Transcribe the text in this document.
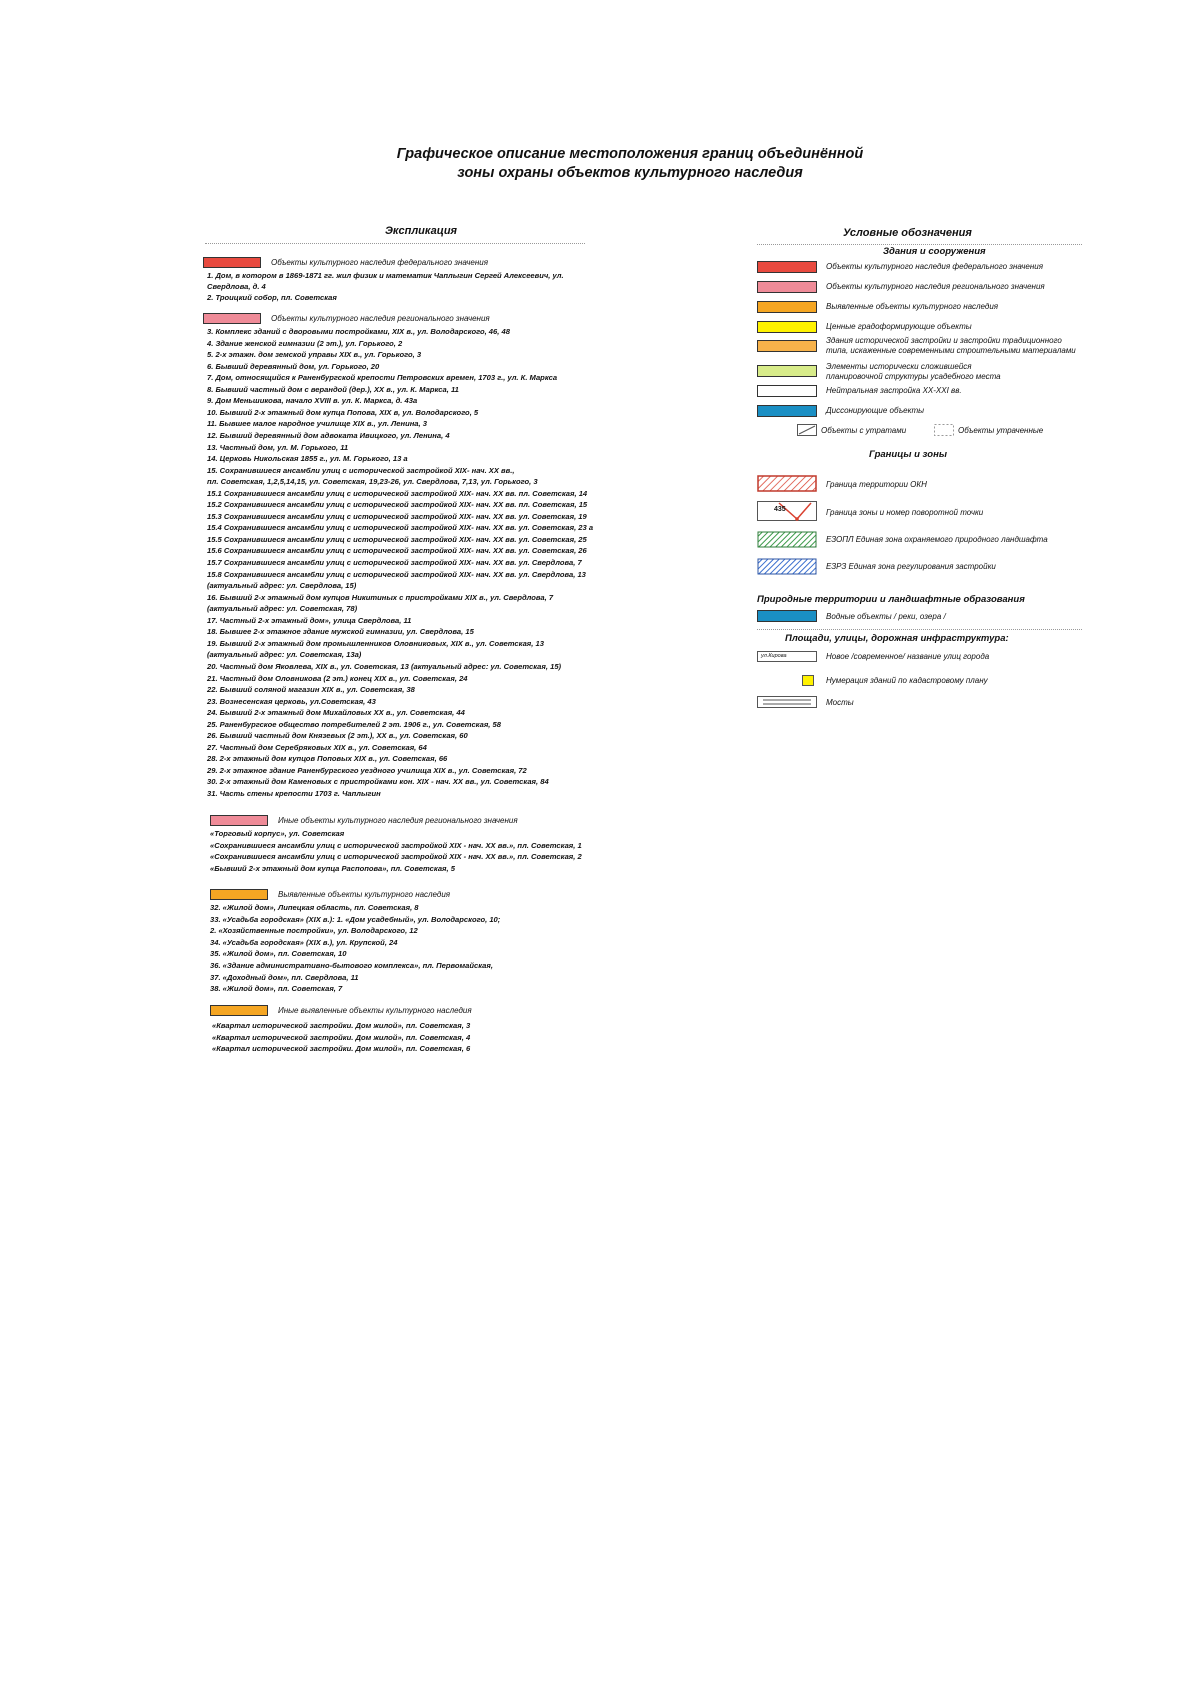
Графическое описание местоположения границ объединённой
зоны охраны объектов культурного наследия
Экспликация
Объекты культурного наследия федерального значения
1. Дом, в котором в 1869-1871 гг. жил физик и математик Чаплыгин Сергей Алексеевич, ул.
Свердлова, д. 4
2. Троицкий собор, пл. Советская
Объекты культурного наследия регионального значения
3. Комплекс зданий с дворовыми постройками, XIX в., ул. Володарского, 46, 48
4. Здание женской гимназии (2 эт.), ул. Горького, 2
5. 2-х этажн. дом земской управы XIX в., ул. Горького, 3
6. Бывший деревянный дом, ул. Горького, 20
7. Дом, относящийся к Раненбургской крепости Петровских времен, 1703 г., ул. К. Маркса
8. Бывший частный дом с верандой (дер.), XX в., ул. К. Маркса, 11
9. Дом Меньшикова, начало XVIII в. ул. К. Маркса, д. 43а
10. Бывший 2-х этажный дом купца Попова, XIX в, ул. Володарского, 5
11. Бывшее малое народное училище XIX в., ул. Ленина, 3
12. Бывший деревянный дом адвоката Ивицкого, ул. Ленина, 4
13. Частный дом, ул. М. Горького, 11
14. Церковь Никольская 1855 г., ул. М. Горького, 13 а
15. Сохранившиеся ансамбли улиц с исторической застройкой XIX- нач. XX вв.,
пл. Советская, 1,2,5,14,15, ул. Советская, 19,23-26, ул. Свердлова, 7,13, ул. Горького, 3
15.1 Сохранившиеся ансамбли улиц с исторической застройкой XIX- нач. XX вв. пл. Советская, 14
15.2 Сохранившиеся ансамбли улиц с исторической застройкой XIX- нач. XX вв. пл. Советская, 15
15.3 Сохранившиеся ансамбли улиц с исторической застройкой XIX- нач. XX вв. ул. Советская, 19
15.4 Сохранившиеся ансамбли улиц с исторической застройкой XIX- нач. XX вв. ул. Советская, 23 а
15.5 Сохранившиеся ансамбли улиц с исторической застройкой XIX- нач. XX вв. ул. Советская, 25
15.6 Сохранившиеся ансамбли улиц с исторической застройкой XIX- нач. XX вв. ул. Советская, 26
15.7 Сохранившиеся ансамбли улиц с исторической застройкой XIX- нач. XX вв. ул. Свердлова, 7
15.8 Сохранившиеся ансамбли улиц с исторической застройкой XIX- нач. XX вв. ул. Свердлова, 13
(актуальный адрес: ул. Свердлова, 15)
16. Бывший 2-х этажный дом купцов Никитиных с пристройками XIX в., ул. Свердлова, 7
(актуальный адрес: ул. Советская, 78)
17. Частный 2-х этажный дом», улица Свердлова, 11
18. Бывшее 2-х этажное здание мужской гимназии, ул. Свердлова, 15
19. Бывший 2-х этажный дом промышленников Оловниковых, XIX в., ул. Советская, 13
(актуальный адрес: ул. Советская, 13а)
20. Частный дом Яковлева, XIX в., ул. Советская, 13 (актуальный адрес: ул. Советская, 15)
21. Частный дом Оловникова (2 эт.) конец XIX в., ул. Советская, 24
22. Бывший соляной магазин XIX в., ул. Советская, 38
23. Вознесенская церковь, ул.Советская, 43
24. Бывший 2-х этажный дом Михайловых XX в., ул. Советская, 44
25. Раненбургское общество потребителей 2 эт. 1906 г., ул. Советская, 58
26. Бывший частный дом Князевых (2 эт.), XX в., ул. Советская, 60
27. Частный дом Серебряковых XIX в., ул. Советская, 64
28. 2-х этажный дом купцов Поповых XIX в., ул. Советская, 66
29. 2-х этажное здание Раненбургского уездного училища XIX в., ул. Советская, 72
30. 2-х этажный дом Каменовых с пристройками кон. XIX - нач. XX вв., ул. Советская, 84
31. Часть стены крепости 1703 г. Чаплыгин
Иные объекты культурного наследия регионального значения
«Торговый корпус», ул. Советская
«Сохранившиеся ансамбли улиц с исторической застройкой XIX - нач. XX вв.», пл. Советская, 1
«Сохранившиеся ансамбли улиц с исторической застройкой XIX - нач. XX вв.», пл. Советская, 2
«Бывший 2-х этажный дом купца Распопова», пл. Советская, 5
Выявленные объекты культурного наследия
32. «Жилой дом», Липецкая область, пл. Советская, 8
33. «Усадьба городская» (XIX в.): 1. «Дом усадебный», ул. Володарского, 10;
2. «Хозяйственные постройки», ул. Володарского, 12
34. «Усадьба городская» (XIX в.), ул. Крупской, 24
35. «Жилой дом», пл. Советская, 10
36. «Здание административно-бытового комплекса», пл. Первомайская,
37. «Доходный дом», пл. Свердлова, 11
38. «Жилой дом», пл. Советская, 7
Иные выявленные объекты культурного наследия
«Квартал исторической застройки. Дом жилой», пл. Советская, 3
«Квартал исторической застройки. Дом жилой», пл. Советская, 4
«Квартал исторической застройки. Дом жилой», пл. Советская, 6
Условные обозначения
Здания и сооружения
Объекты культурного наследия федерального значения
Объекты культурного наследия регионального значения
Выявленные объекты культурного наследия
Ценные градоформирующие объекты
Здания исторической застройки и застройки традиционного
типа, искаженные современными строительными материалами
Элементы исторически сложившейся
планировочной структуры усадебного места
Нейтральная застройка XX-XXI вв.
Диссонирующие объекты
Объекты с утратами	Объекты утраченные
Границы и зоны
Граница территории ОКН
435	Граница зоны и номер поворотной точки
ЕЗОПЛ Единая зона охраняемого природного ландшафта
ЕЗРЗ Единая зона регулирования застройки
Природные территории и ландшафтные образования
Водные объекты / реки, озера /
Площади, улицы, дорожная инфраструктура:
ул.Кирова	Новое /современное/ название улиц города
Нумерация зданий по кадастровому плану
Мосты
